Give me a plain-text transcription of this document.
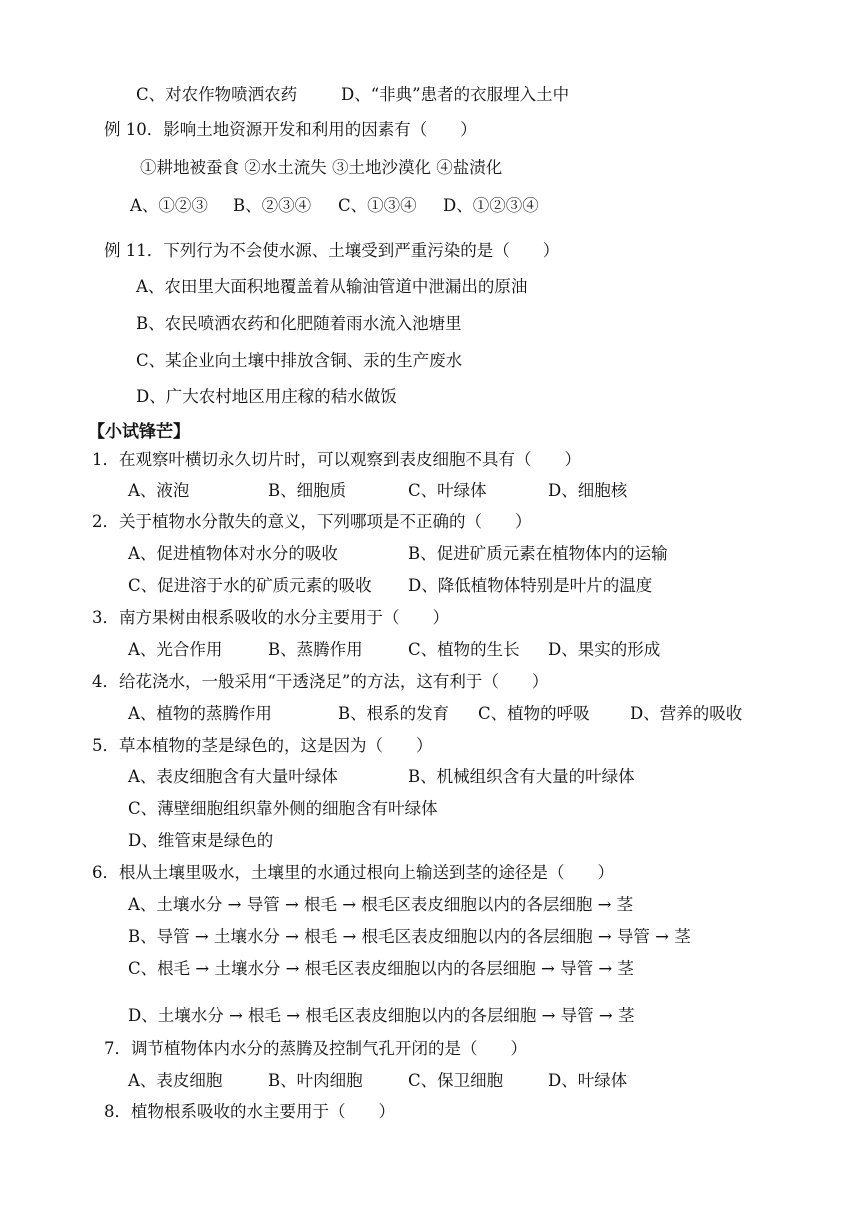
C、对农作物喷洒农药	D、“非典”患者的衣服埋入土中
例 10．影响土地资源开发和利用的因素有（　　）
①耕地被蚕食 ②水土流失 ③土地沙漠化 ④盐渍化
A、①②③ B、②③④ C、①③④ D、①②③④
例 11．下列行为不会使水源、土壤受到严重污染的是（　　）
A、农田里大面积地覆盖着从输油管道中泄漏出的原油
B、农民喷洒农药和化肥随着雨水流入池塘里
C、某企业向土壤中排放含铜、汞的生产废水
D、广大农村地区用庄稼的秸水做饭
【小试锋芒】
1．在观察叶横切永久切片时，可以观察到表皮细胞不具有（　　）
A、液泡	B、细胞质	C、叶绿体	D、细胞核
2．关于植物水分散失的意义，下列哪项是不正确的（　　）
A、促进植物体对水分的吸收	B、促进矿质元素在植物体内的运输
C、促进溶于水的矿质元素的吸收 D、降低植物体特别是叶片的温度
3．南方果树由根系吸收的水分主要用于（　　）
A、光合作用	B、蒸腾作用	C、植物的生长 D、果实的形成
4．给花浇水，一般采用“干透浇足”的方法，这有利于（　　）
A、植物的蒸腾作用	B、根系的发育 C、植物的呼吸 D、营养的吸收
5．草本植物的茎是绿色的，这是因为（　　）
A、表皮细胞含有大量叶绿体	B、机械组织含有大量的叶绿体
C、薄壁细胞组织靠外侧的细胞含有叶绿体
D、维管束是绿色的
6．根从土壤里吸水，土壤里的水通过根向上输送到茎的途径是（　　）
A、土壤水分 → 导管 → 根毛 → 根毛区表皮细胞以内的各层细胞 → 茎
B、导管 → 土壤水分 → 根毛 → 根毛区表皮细胞以内的各层细胞 → 导管 → 茎
C、根毛 → 土壤水分 → 根毛区表皮细胞以内的各层细胞 → 导管 → 茎
D、土壤水分 → 根毛 → 根毛区表皮细胞以内的各层细胞 → 导管 → 茎
7．调节植物体内水分的蒸腾及控制气孔开闭的是（　　）
A、表皮细胞	B、叶肉细胞	C、保卫细胞	D、叶绿体
8．植物根系吸收的水主要用于（　　）
